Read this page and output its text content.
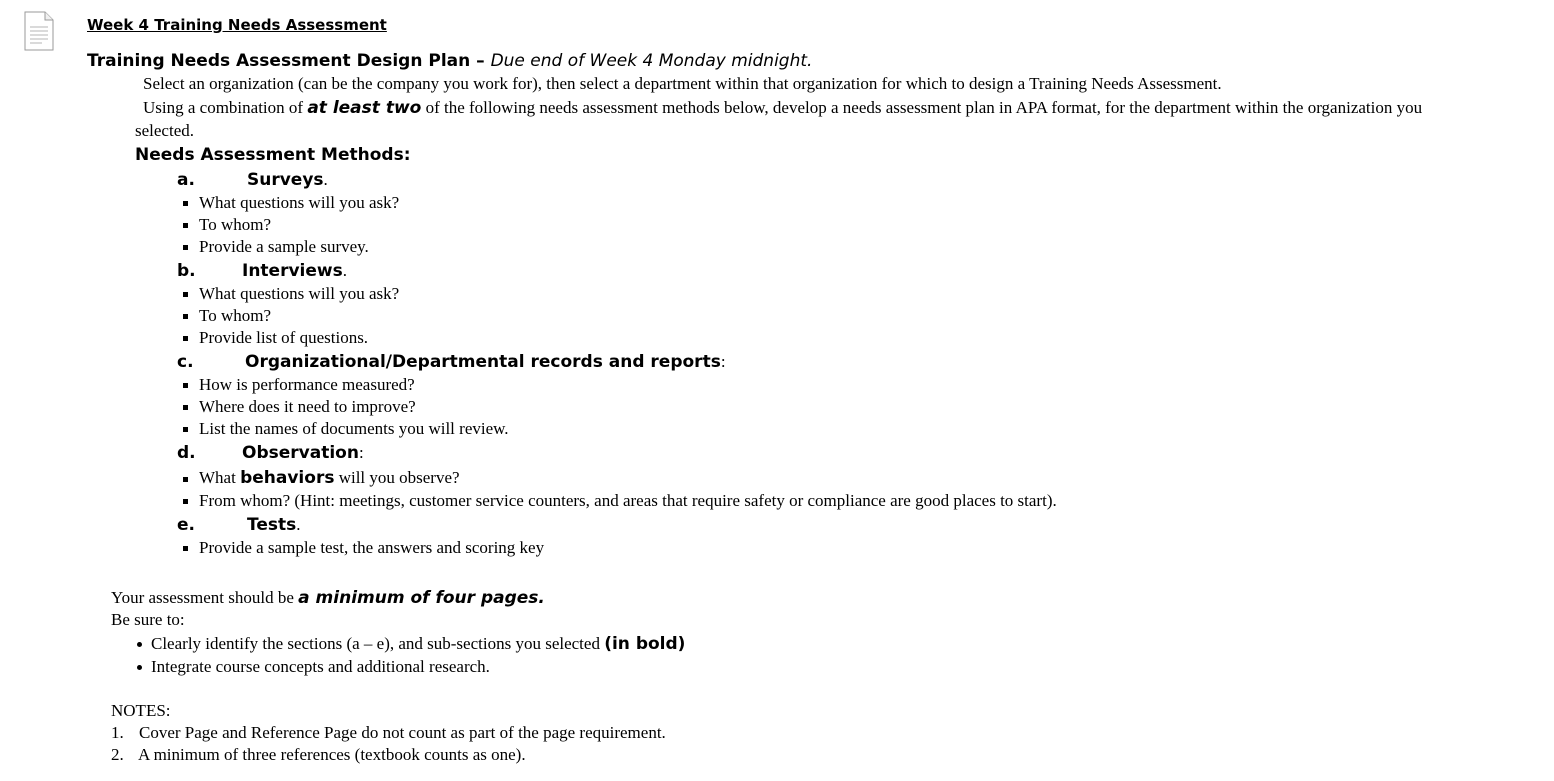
Week 4 Training Needs Assessment
Training Needs Assessment Design Plan – Due end of Week 4 Monday midnight.
Select an organization (can be the company you work for), then select a department within that organization for which to design a Training Needs Assessment.
Using a combination of at least two of the following needs assessment methods below, develop a needs assessment plan in APA format, for the department within the organization you
selected.
Needs Assessment Methods:
a.	Surveys.
What questions will you ask?
To whom?
Provide a sample survey.
b.	Interviews.
What questions will you ask?
To whom?
Provide list of questions.
c.	Organizational/Departmental records and reports:
How is performance measured?
Where does it need to improve?
List the names of documents you will review.
d.	Observation:
What behaviors will you observe?
From whom? (Hint: meetings, customer service counters, and areas that require safety or compliance are good places to start).
e.	Tests.
Provide a sample test, the answers and scoring key
Your assessment should be a minimum of four pages.
Be sure to:
Clearly identify the sections (a – e), and sub-sections you selected (in bold)
Integrate course concepts and additional research.
NOTES:
1. Cover Page and Reference Page do not count as part of the page requirement.
2. A minimum of three references (textbook counts as one).
